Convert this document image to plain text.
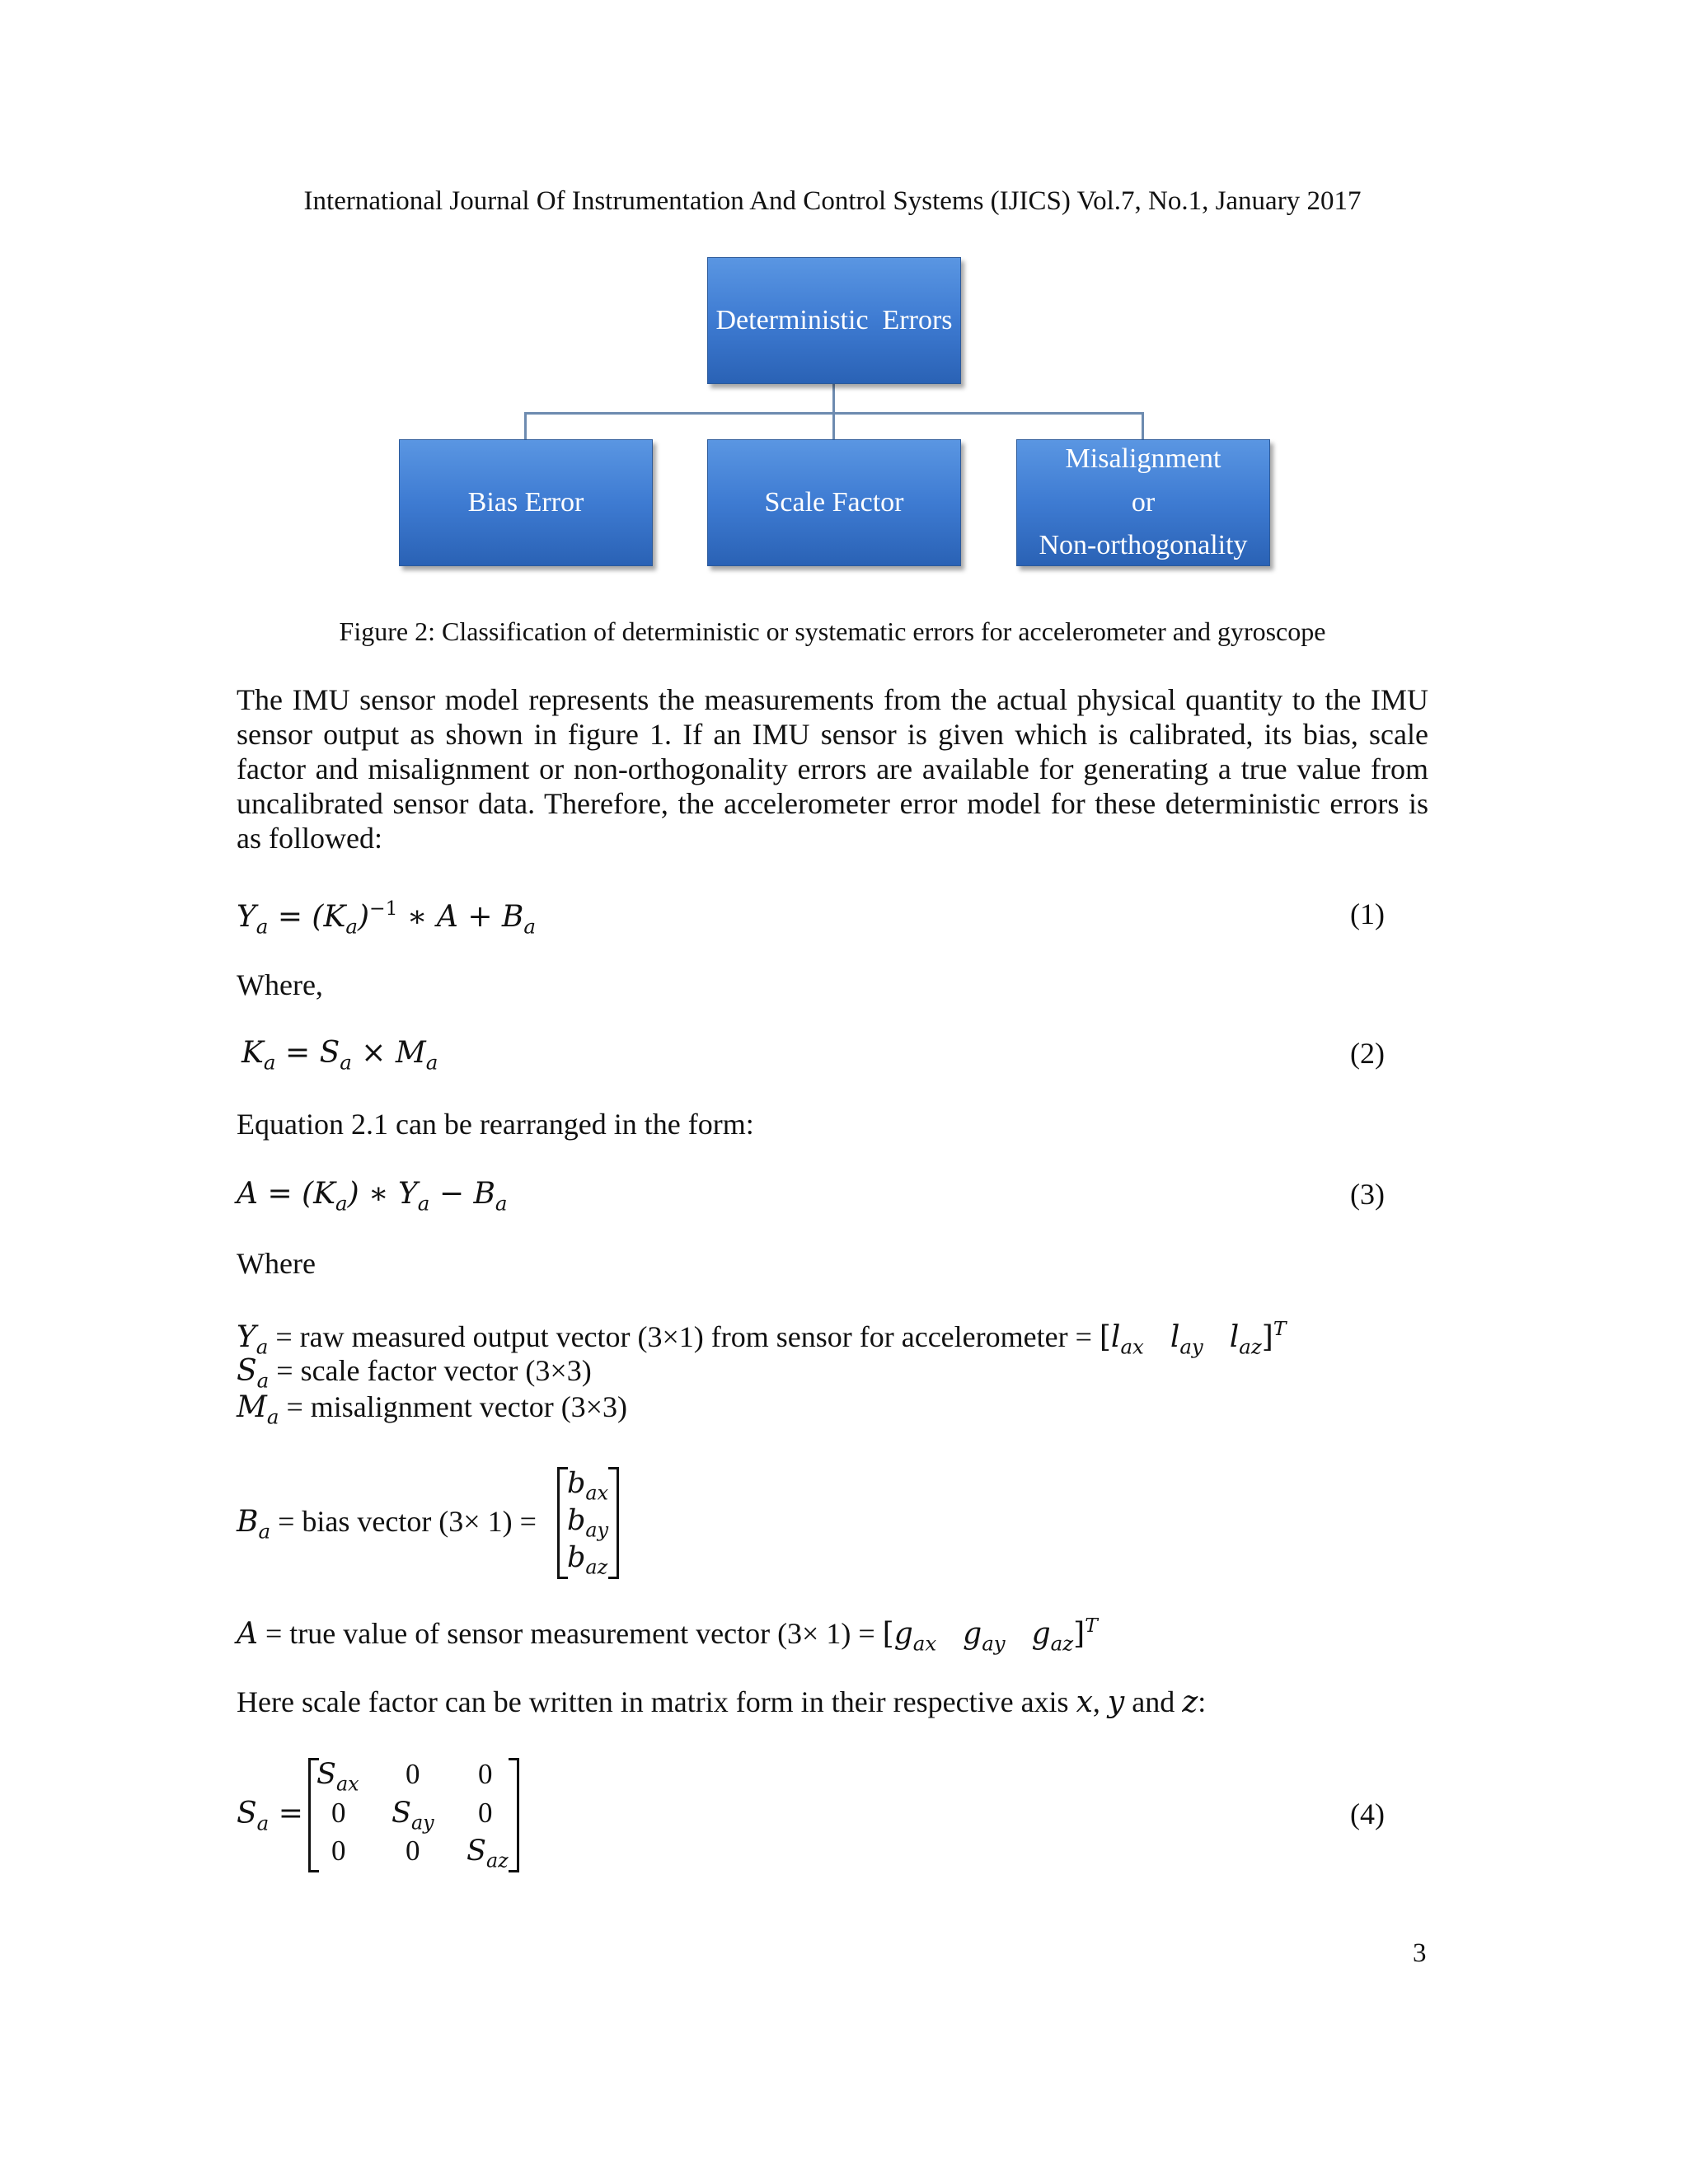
International Journal Of Instrumentation And Control Systems (IJICS) Vol.7, No.1, January 2017
Deterministic  Errors
Bias Error	Scale Factor
Misalignment
or
Non-orthogonality
Figure 2: Classification of deterministic or systematic errors for accelerometer and gyroscope
The IMU sensor model represents the measurements from the actual physical quantity to the IMU sensor output as shown in figure 1. If an IMU sensor is given which is calibrated, its bias, scale factor and misalignment or non-orthogonality errors are available for generating a true value from uncalibrated sensor data. Therefore, the accelerometer error model for these deterministic errors is as followed:
$Y_a = (K_a)^{-1}$ ∗ $A + B_a$	(1)
Where,
$K_a = S_a \times M_a$	(2)
Equation 2.1 can be rearranged in the form:
$A = (K_a)$ ∗ $Y_a - B_a$	(3)
Where
$Y_a$ = raw measured output vector (3×1) from sensor for accelerometer = [$l_{ax}$ $l_{ay}$ $l_{az}]^T$
$S_a$ = scale factor vector (3×3)
$M_a$ = misalignment vector (3×3)
$B_a$ = bias vector (3× 1) =
$b_{ax}$
$b_{ay}$
$b_{az}$
A = true value of sensor measurement vector $(3\times 1) = [g_{ax}$ $g_{ay}$ $g_{az}]^T$
Here scale factor can be written in matrix form in their respective axis x, y and z:
$S_a$ =
$S_{ax}$ 0 0
0 $S_{ay}$ 0
0 0 $S_{az}$
(4)
3
